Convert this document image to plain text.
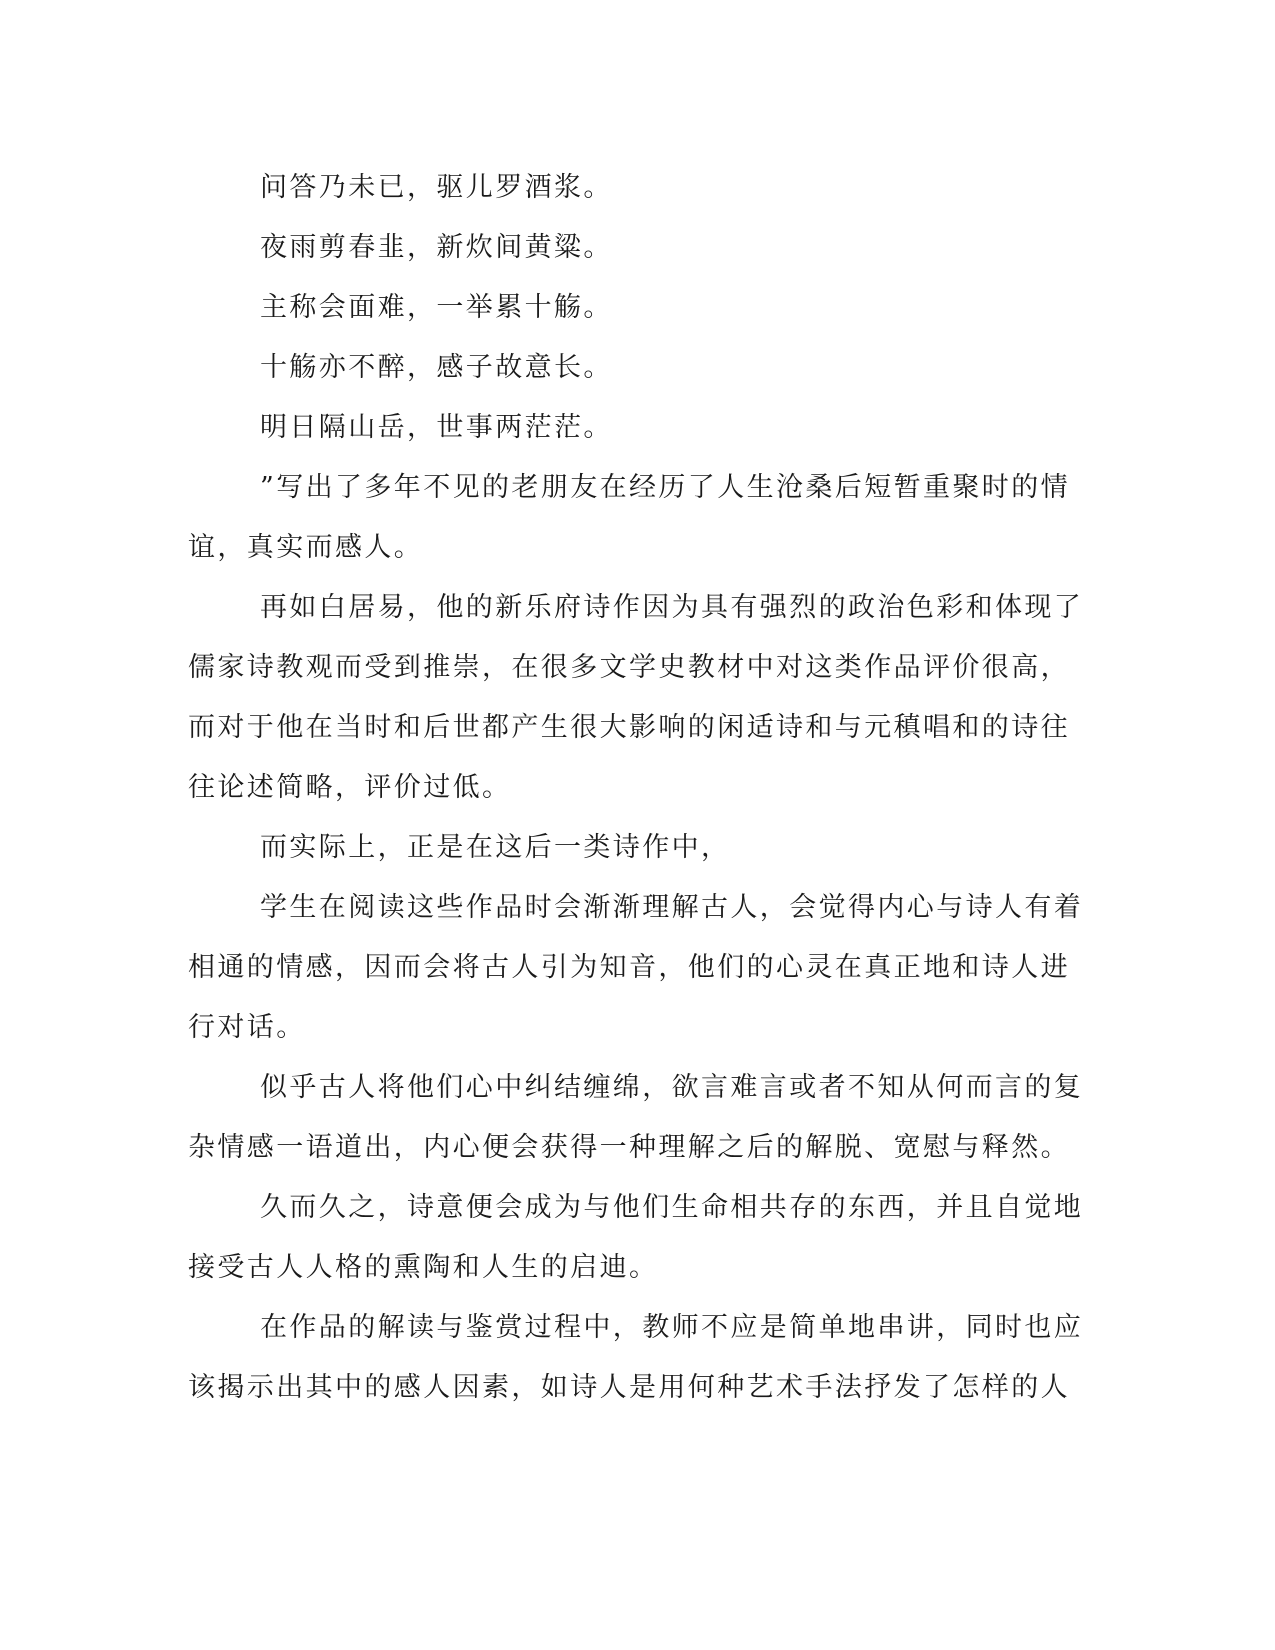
问答乃未已，驱儿罗酒浆。
夜雨剪春韭，新炊间黄粱。
主称会面难，一举累十觞。
十觞亦不醉，感子故意长。
明日隔山岳，世事两茫茫。
”写出了多年不见的老朋友在经历了人生沧桑后短暂重聚时的情
谊，真实而感人。
再如白居易，他的新乐府诗作因为具有强烈的政治色彩和体现了
儒家诗教观而受到推崇，在很多文学史教材中对这类作品评价很高，
而对于他在当时和后世都产生很大影响的闲适诗和与元稹唱和的诗往
往论述简略，评价过低。
而实际上，正是在这后一类诗作中，
学生在阅读这些作品时会渐渐理解古人，会觉得内心与诗人有着
相通的情感，因而会将古人引为知音，他们的心灵在真正地和诗人进
行对话。
似乎古人将他们心中纠结缠绵，欲言难言或者不知从何而言的复
杂情感一语道出，内心便会获得一种理解之后的解脱、宽慰与释然。
久而久之，诗意便会成为与他们生命相共存的东西，并且自觉地
接受古人人格的熏陶和人生的启迪。
在作品的解读与鉴赏过程中，教师不应是简单地串讲，同时也应
该揭示出其中的感人因素，如诗人是用何种艺术手法抒发了怎样的人
